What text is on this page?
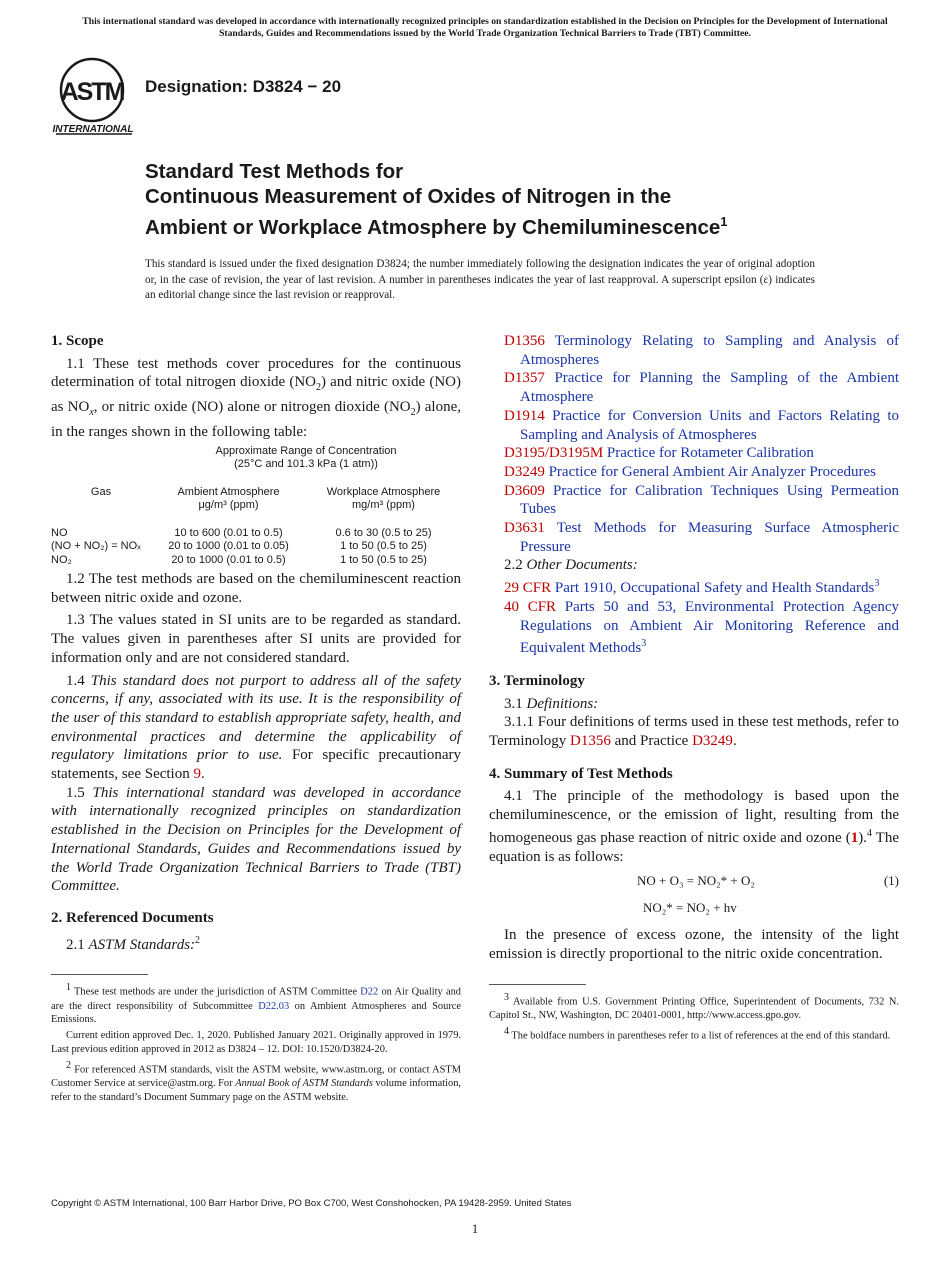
This international standard was developed in accordance with internationally recognized principles on standardization established in the Decision on Principles for the Development of International Standards, Guides and Recommendations issued by the World Trade Organization Technical Barriers to Trade (TBT) Committee.
ASTM
INTERNATIONAL
Designation: D3824 − 20
Standard Test Methods for
Continuous Measurement of Oxides of Nitrogen in the
Ambient or Workplace Atmosphere by Chemiluminescence$^1$
This standard is issued under the fixed designation D3824; the number immediately following the designation indicates the year of original adoption or, in the case of revision, the year of last revision. A number in parentheses indicates the year of last reapproval. A superscript epsilon (ε) indicates an editorial change since the last revision or reapproval.
1. Scope

1.1 These test methods cover procedures for the continuous determination of total nitrogen dioxide $(NO_2)$ and nitric oxide (NO) as $NO_x$, or nitric oxide (NO) alone or nitrogen dioxide $(NO_2)$ alone, in the ranges shown in the following table:

Approximate Range of Concentration		
(25°C and 101.3 kPa (1 atm))		
Gas	Ambient Atmosphere	Workplace Atmosphere
	μg/m³ (ppm)	mg/m³ (ppm)
NO	10 to 600 (0.01 to 0.5)	0.6 to 30 (0.5 to 25)
(NO + NO₂) = NOₓ	20 to 1000 (0.01 to 0.05)	1 to 50 (0.5 to 25)
NO₂	20 to 1000 (0.01 to 0.5)	1 to 50 (0.5 to 25)

1.2 The test methods are based on the chemiluminescent reaction between nitric oxide and ozone.

1.3 The values stated in SI units are to be regarded as standard. The values given in parentheses after SI units are provided for information only and are not considered standard.

1.4 This standard does not purport to address all of the safety concerns, if any, associated with its use. It is the responsibility of the user of this standard to establish appropriate safety, health, and environmental practices and determine the applicability of regulatory limitations prior to use. For specific precautionary statements, see Section 9.

1.5 This international standard was developed in accordance with internationally recognized principles on standardization established in the Decision on Principles for the Development of International Standards, Guides and Recommendations issued by the World Trade Organization Technical Barriers to Trade (TBT) Committee.

2. Referenced Documents

2.1 ASTM Standards:$^2$

$^1$ These test methods are under the jurisdiction of ASTM Committee D22 on Air Quality and are the direct responsibility of Subcommittee D22.03 on Ambient Atmospheres and Source Emissions.

Current edition approved Dec. 1, 2020. Published January 2021. Originally approved in 1979. Last previous edition approved in 2012 as D3824 – 12. DOI: 10.1520/D3824-20.

$^2$ For referenced ASTM standards, visit the ASTM website, www.astm.org, or contact ASTM Customer Service at service@astm.org. For Annual Book of ASTM Standards volume information, refer to the standard’s Document Summary page on the ASTM website.

D1356 Terminology Relating to Sampling and Analysis of Atmospheres

D1357 Practice for Planning the Sampling of the Ambient Atmosphere

D1914 Practice for Conversion Units and Factors Relating to Sampling and Analysis of Atmospheres

D3195/D3195M Practice for Rotameter Calibration

D3249 Practice for General Ambient Air Analyzer Procedures

D3609 Practice for Calibration Techniques Using Permeation Tubes

D3631 Test Methods for Measuring Surface Atmospheric Pressure

2.2 Other Documents:

29 CFR Part 1910, Occupational Safety and Health Standards$^3$

40 CFR Parts 50 and 53, Environmental Protection Agency Regulations on Ambient Air Monitoring Reference and Equivalent Methods$^3$

3. Terminology

3.1 Definitions:

3.1.1 Four definitions of terms used in these test methods, refer to Terminology D1356 and Practice D3249.

4. Summary of Test Methods

4.1 The principle of the methodology is based upon the chemiluminescence, or the emission of light, resulting from the homogeneous gas phase reaction of nitric oxide and ozone (1).$^4$ The equation is as follows:

NO + O₃ = NO₂* + O₂	(1)
NO₂* = NO₂ + hv

In the presence of excess ozone, the intensity of the light emission is directly proportional to the nitric oxide concentration.

$^3$ Available from U.S. Government Printing Office, Superintendent of Documents, 732 N. Capitol St., NW, Washington, DC 20401-0001, http://www.access.gpo.gov.

$^4$ The boldface numbers in parentheses refer to a list of references at the end of this standard.

Copyright © ASTM International, 100 Barr Harbor Drive, PO Box C700, West Conshohocken, PA 19428-2959. United States
1
